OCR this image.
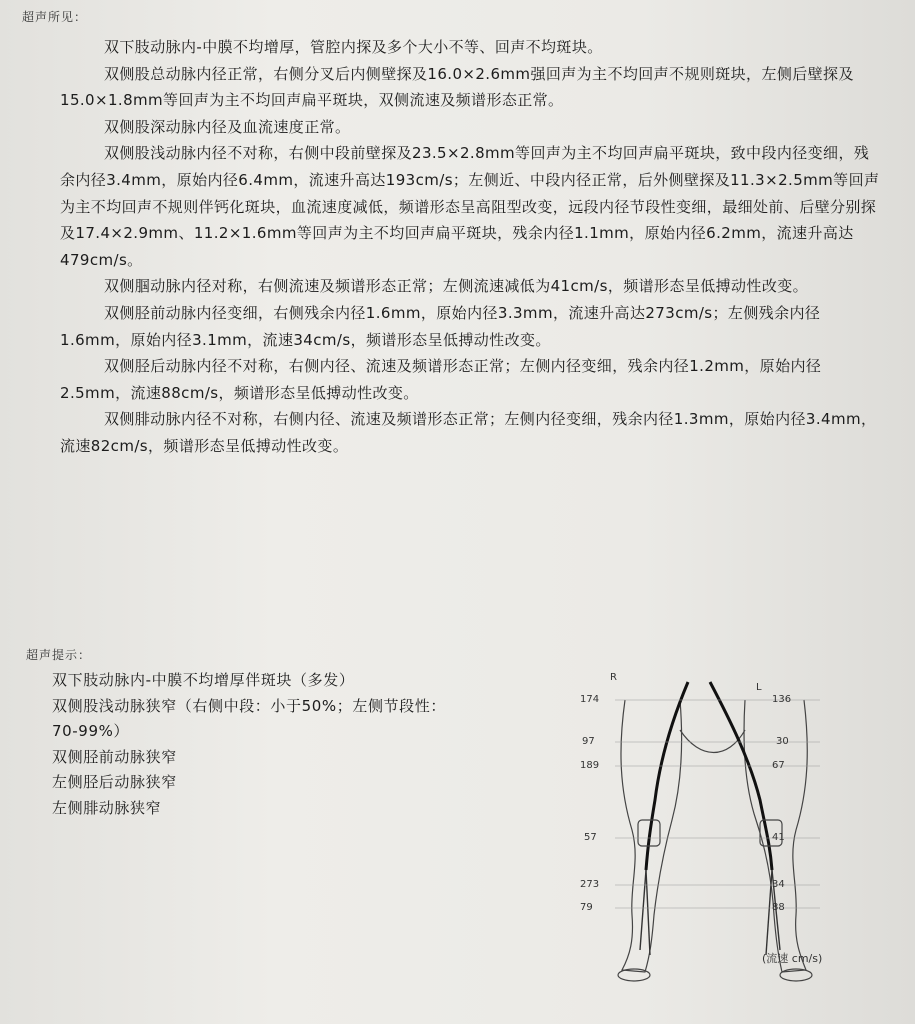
超声所见：

双下肢动脉内-中膜不均增厚，管腔内探及多个大小不等、回声不均斑块。

双侧股总动脉内径正常，右侧分叉后内侧壁探及16.0×2.6mm强回声为主不均回声不规则斑块，左侧后壁探及15.0×1.8mm等回声为主不均回声扁平斑块，双侧流速及频谱形态正常。

双侧股深动脉内径及血流速度正常。

双侧股浅动脉内径不对称，右侧中段前壁探及23.5×2.8mm等回声为主不均回声扁平斑块，致中段内径变细，残余内径3.4mm，原始内径6.4mm，流速升高达193cm/s；左侧近、中段内径正常，后外侧壁探及11.3×2.5mm等回声为主不均回声不规则伴钙化斑块，血流速度减低，频谱形态呈高阻型改变，远段内径节段性变细，最细处前、后壁分别探及17.4×2.9mm、11.2×1.6mm等回声为主不均回声扁平斑块，残余内径1.1mm，原始内径6.2mm，流速升高达479cm/s。

双侧腘动脉内径对称，右侧流速及频谱形态正常；左侧流速减低为41cm/s，频谱形态呈低搏动性改变。

双侧胫前动脉内径变细，右侧残余内径1.6mm，原始内径3.3mm，流速升高达273cm/s；左侧残余内径1.6mm，原始内径3.1mm，流速34cm/s，频谱形态呈低搏动性改变。

双侧胫后动脉内径不对称，右侧内径、流速及频谱形态正常；左侧内径变细，残余内径1.2mm，原始内径2.5mm，流速88cm/s，频谱形态呈低搏动性改变。

双侧腓动脉内径不对称，右侧内径、流速及频谱形态正常；左侧内径变细，残余内径1.3mm，原始内径3.4mm，流速82cm/s，频谱形态呈低搏动性改变。

超声提示：
双下肢动脉内-中膜不均增厚伴斑块（多发）
双侧股浅动脉狭窄（右侧中段：小于50%；左侧节段性：70-99%）
双侧胫前动脉狭窄
左侧胫后动脉狭窄
左侧腓动脉狭窄
R
L
174
97
189
57
273
79
136
30
67
41
34
88
(流速 cm/s)
